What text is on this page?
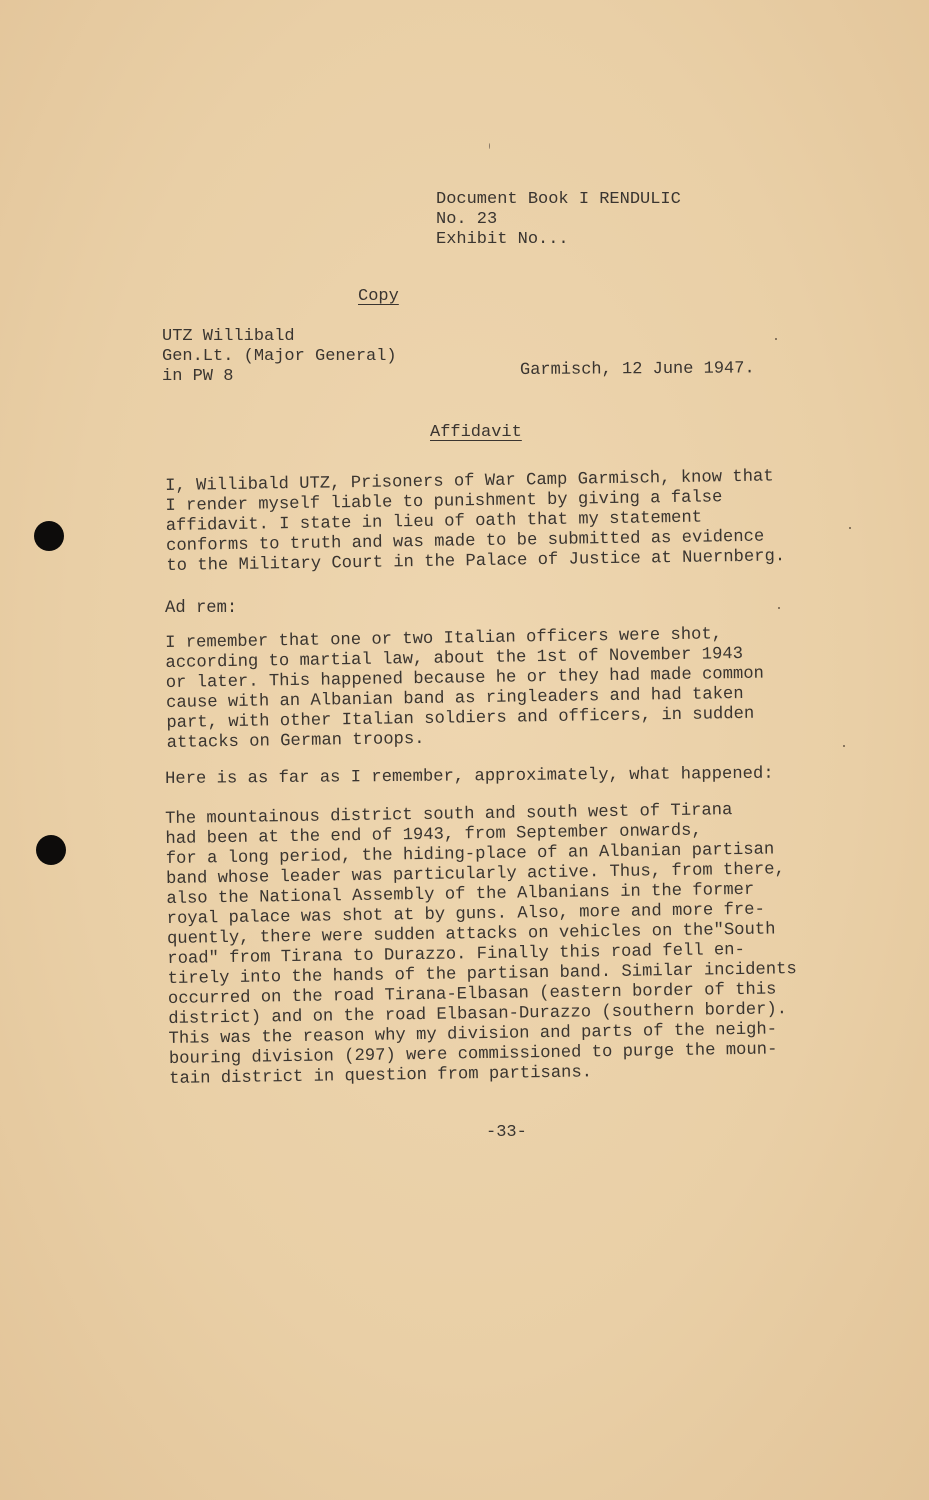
Document Book I RENDULIC
No. 23
Exhibit No...
Copy
UTZ Willibald
Gen.Lt. (Major General)
in PW 8	Garmisch, 12 June 1947.
Affidavit
I, Willibald UTZ, Prisoners of War Camp Garmisch, know that
I render myself liable to punishment by giving a false
affidavit. I state in lieu of oath that my statement
conforms to truth and was made to be submitted as evidence
to the Military Court in the Palace of Justice at Nuernberg.
Ad rem:
I remember that one or two Italian officers were shot,
according to martial law, about the 1st of November 1943
or later. This happened because he or they had made common
cause with an Albanian band as ringleaders and had taken
part, with other Italian soldiers and officers, in sudden
attacks on German troops.
Here is as far as I remember, approximately, what happened:
The mountainous district south and south west of Tirana
had been at the end of 1943, from September onwards,
for a long period, the hiding-place of an Albanian partisan
band whose leader was particularly active. Thus, from there,
also the National Assembly of the Albanians in the former
royal palace was shot at by guns. Also, more and more fre-
quently, there were sudden attacks on vehicles on the"South
road" from Tirana to Durazzo. Finally this road fell en-
tirely into the hands of the partisan band. Similar incidents
occurred on the road Tirana-Elbasan (eastern border of this
district) and on the road Elbasan-Durazzo (southern border).
This was the reason why my division and parts of the neigh-
bouring division (297) were commissioned to purge the moun-
tain district in question from partisans.
-33-
